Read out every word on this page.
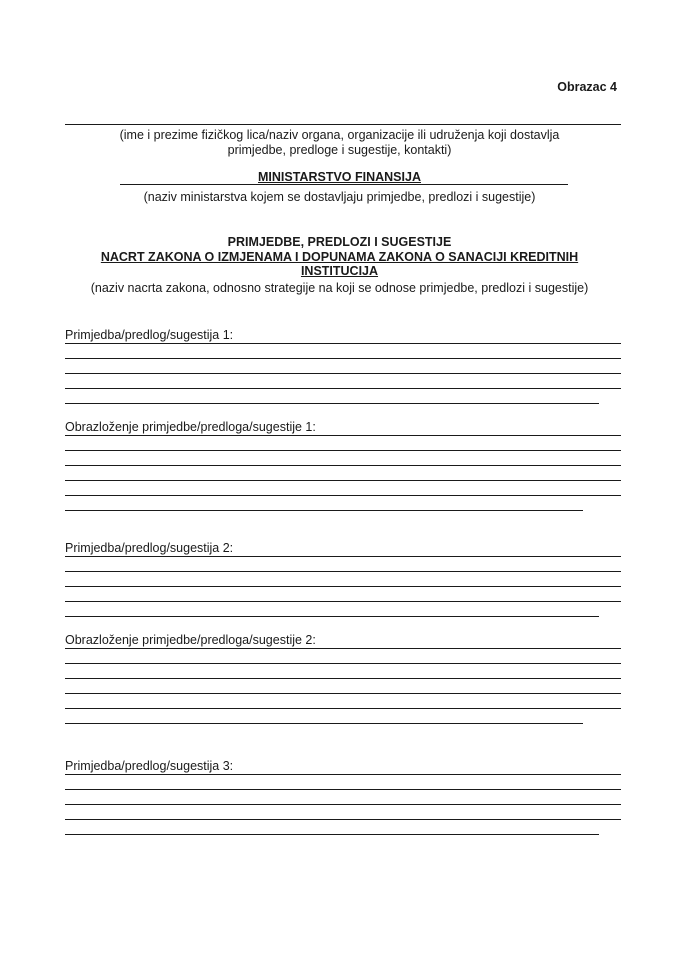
Obrazac 4
(ime i prezime fizičkog lica/naziv organa, organizacije ili udruženja koji dostavlja
primjedbe, predloge i sugestije, kontakti)
MINISTARSTVO FINANSIJA
(naziv ministarstva kojem se dostavljaju primjedbe, predlozi i sugestije)
PRIMJEDBE, PREDLOZI I SUGESTIJE
NACRT ZAKONA O IZMJENAMA I DOPUNAMA ZAKONA O SANACIJI KREDITNIH
INSTITUCIJA
(naziv nacrta zakona, odnosno strategije na koji se odnose primjedbe, predlozi i sugestije)
Primjedba/predlog/sugestija 1:
Obrazloženje primjedbe/predloga/sugestije 1:
Primjedba/predlog/sugestija 2:
Obrazloženje primjedbe/predloga/sugestije 2:
Primjedba/predlog/sugestija 3:
